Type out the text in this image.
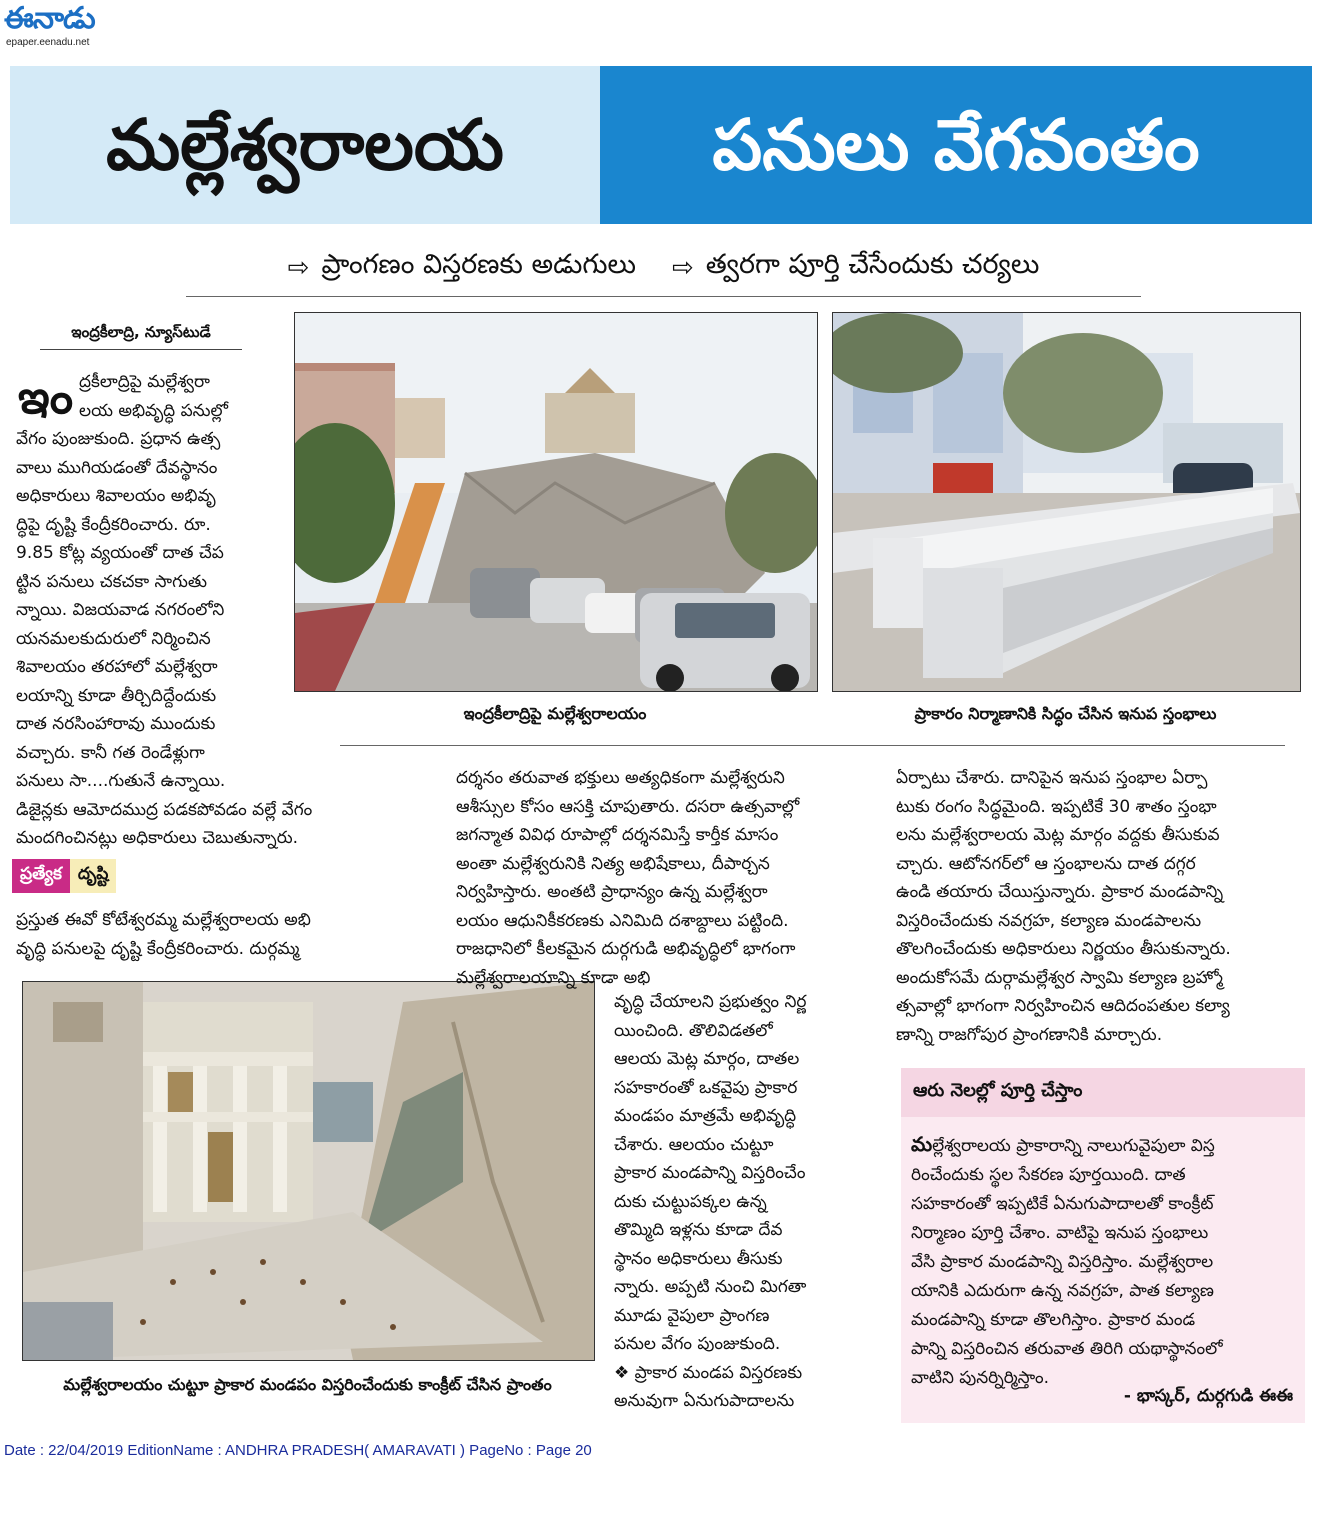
ఈనాడు
epaper.eenadu.net
మల్లేశ్వరాలయ	పనులు వేగవంతం
⇨ ప్రాంగణం విస్తరణకు అడుగులు ⇨ త్వరగా పూర్తి చేసేందుకు చర్యలు
ఇంద్రకీలాద్రి, న్యూస్‌టుడే
ఇం ద్రకీలాద్రిపై మల్లేశ్వరా
లయ అభివృద్ధి పనుల్లో
వేగం పుంజుకుంది. ప్రధాన ఉత్స
వాలు ముగియడంతో దేవస్థానం
అధికారులు శివాలయం అభివృ
ద్ధిపై దృష్టి కేంద్రీకరించారు. రూ.
9.85 కోట్ల వ్యయంతో దాత చేప
ట్టిన పనులు చకచకా సాగుతు
న్నాయి. విజయవాడ నగరంలోని
యనమలకుదురులో నిర్మించిన
శివాలయం తరహాలో మల్లేశ్వరా
లయాన్ని కూడా తీర్చిదిద్దేందుకు
దాత నరసింహారావు ముందుకు
వచ్చారు. కానీ గత రెండేళ్లుగా
పనులు సా....గుతునే ఉన్నాయి.
డిజైన్లకు ఆమోదముద్ర పడకపోవడం వల్లే వేగం
మందగించినట్లు అధికారులు చెబుతున్నారు.
ప్రత్యేక దృష్టి
ప్రస్తుత ఈవో కోటేశ్వరమ్మ మల్లేశ్వరాలయ అభి
వృద్ధి పనులపై దృష్టి కేంద్రీకరించారు. దుర్గమ్మ
ఇంద్రకీలాద్రిపై మల్లేశ్వరాలయం	ప్రాకారం నిర్మాణానికి సిద్ధం చేసిన ఇనుప స్తంభాలు
మల్లేశ్వరాలయం చుట్టూ ప్రాకార మండపం విస్తరించేందుకు కాంక్రీట్‌ చేసిన ప్రాంతం
దర్శనం తరువాత భక్తులు అత్యధికంగా మల్లేశ్వరుని
ఆశీస్సుల కోసం ఆసక్తి చూపుతారు. దసరా ఉత్సవాల్లో
జగన్మాత వివిధ రూపాల్లో దర్శనమిస్తే కార్తీక మాసం
అంతా మల్లేశ్వరునికి నిత్య అభిషేకాలు, దీపార్చన
నిర్వహిస్తారు. అంతటి ప్రాధాన్యం ఉన్న మల్లేశ్వరా
లయం ఆధునికీకరణకు ఎనిమిది దశాబ్దాలు పట్టింది.
రాజధానిలో కీలకమైన దుర్గగుడి అభివృద్ధిలో భాగంగా
మల్లేశ్వరాలయాన్ని కూడా అభి
వృద్ధి చేయాలని ప్రభుత్వం నిర్ణ
యించింది. తొలివిడతలో
ఆలయ మెట్ల మార్గం, దాతల
సహకారంతో ఒకవైపు ప్రాకార
మండపం మాత్రమే అభివృద్ధి
చేశారు. ఆలయం చుట్టూ
ప్రాకార మండపాన్ని విస్తరించేం
దుకు చుట్టుపక్కల ఉన్న
తొమ్మిది ఇళ్లను కూడా దేవ
స్థానం అధికారులు తీసుకు
న్నారు. అప్పటి నుంచి మిగతా
మూడు వైపులా ప్రాంగణ
పనుల వేగం పుంజుకుంది.
❖ ప్రాకార మండప విస్తరణకు
అనువుగా ఏనుగుపాదాలను
ఏర్పాటు చేశారు. దానిపైన ఇనుప స్తంభాల ఏర్పా
టుకు రంగం సిద్ధమైంది. ఇప్పటికే 30 శాతం స్తంభా
లను మల్లేశ్వరాలయ మెట్ల మార్గం వద్దకు తీసుకువ
చ్చారు. ఆటోనగర్‌లో ఆ స్తంభాలను దాత దగ్గర
ఉండి తయారు చేయిస్తున్నారు. ప్రాకార మండపాన్ని
విస్తరించేందుకు నవగ్రహ, కల్యాణ మండపాలను
తొలగించేందుకు అధికారులు నిర్ణయం తీసుకున్నారు.
అందుకోసమే దుర్గామల్లేశ్వర స్వామి కల్యాణ బ్రహ్మో
త్సవాల్లో భాగంగా నిర్వహించిన ఆదిదంపతుల కల్యా
ణాన్ని రాజగోపుర ప్రాంగణానికి మార్చారు.
ఆరు నెలల్లో పూర్తి చేస్తాం
మల్లేశ్వరాలయ ప్రాకారాన్ని నాలుగువైపులా విస్త
రించేందుకు స్థల సేకరణ పూర్తయింది. దాత
సహకారంతో ఇప్పటికే ఏనుగుపాదాలతో కాంక్రీట్‌
నిర్మాణం పూర్తి చేశాం. వాటిపై ఇనుప స్తంభాలు
వేసి ప్రాకార మండపాన్ని విస్తరిస్తాం. మల్లేశ్వరాల
యానికి ఎదురుగా ఉన్న నవగ్రహ, పాత కల్యాణ
మండపాన్ని కూడా తొలగిస్తాం. ప్రాకార మండ
పాన్ని విస్తరించిన తరువాత తిరిగి యథాస్థానంలో
వాటిని పునర్నిర్మిస్తాం.
- భాస్కర్‌, దుర్గగుడి ఈఈ
Date : 22/04/2019 EditionName : ANDHRA PRADESH( AMARAVATI ) PageNo : Page 20
